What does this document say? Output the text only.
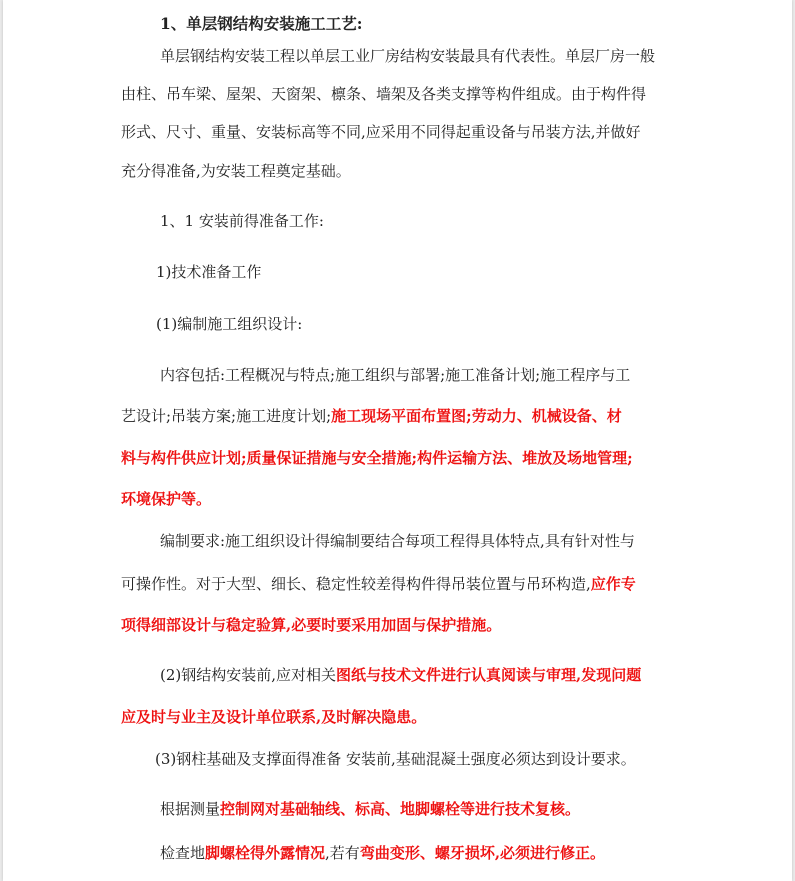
1、单层钢结构安装施工工艺:
单层钢结构安装工程以单层工业厂房结构安装最具有代表性。单层厂房一般
由柱、吊车梁、屋架、天窗架、檩条、墙架及各类支撑等构件组成。由于构件得
形式、尺寸、重量、安装标高等不同,应采用不同得起重设备与吊装方法,并做好
充分得准备,为安装工程奠定基础。
1、1 安装前得准备工作:
1)技术准备工作
(1)编制施工组织设计:
内容包括:工程概况与特点;施工组织与部署;施工准备计划;施工程序与工
艺设计;吊装方案;施工进度计划;施工现场平面布置图;劳动力、机械设备、材
料与构件供应计划;质量保证措施与安全措施;构件运输方法、堆放及场地管理;
环境保护等。
编制要求:施工组织设计得编制要结合每项工程得具体特点,具有针对性与
可操作性。对于大型、细长、稳定性较差得构件得吊装位置与吊环构造,应作专
项得细部设计与稳定验算,必要时要采用加固与保护措施。
(2)钢结构安装前,应对相关图纸与技术文件进行认真阅读与审理,发现问题
应及时与业主及设计单位联系,及时解决隐患。
(3)钢柱基础及支撑面得准备 安装前,基础混凝土强度必须达到设计要求。
根据测量控制网对基础轴线、标高、地脚螺栓等进行技术复核。
检查地脚螺栓得外露情况,若有弯曲变形、螺牙损坏,必须进行修正。
